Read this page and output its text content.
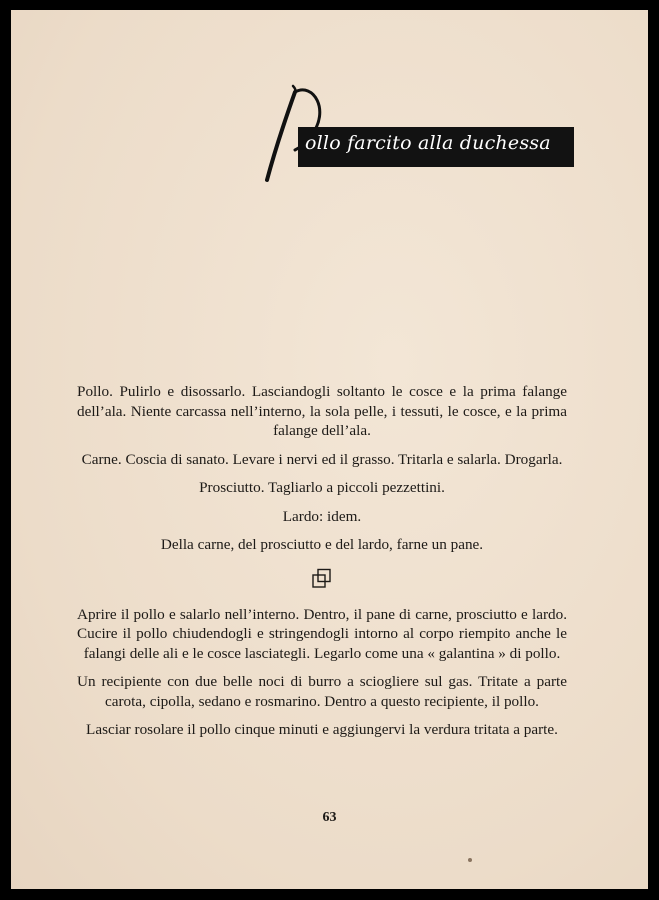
P
ollo farcito alla duchessa

Pollo. Pulirlo e disossarlo. Lasciandogli soltanto le cosce e la prima falange dell’ala. Niente carcassa nell’interno, la sola pelle, i tessuti, le cosce, e la prima falange dell’ala.

Carne. Coscia di sanato. Levare i nervi ed il grasso. Tritarla e salarla. Drogarla.

Prosciutto. Tagliarlo a piccoli pezzettini.

Lardo: idem.

Della carne, del prosciutto e del lardo, farne un pane.

Aprire il pollo e salarlo nell’interno. Dentro, il pane di carne, prosciutto e lardo. Cucire il pollo chiudendogli e stringendogli intorno al corpo riempito anche le falangi delle ali e le cosce lasciategli. Legarlo come una « galantina » di pollo.

Un recipiente con due belle noci di burro a sciogliere sul gas. Tritate a parte carota, cipolla, sedano e rosmarino. Dentro a questo recipiente, il pollo.

Lasciar rosolare il pollo cinque minuti e aggiungervi la verdura tritata a parte.

63
